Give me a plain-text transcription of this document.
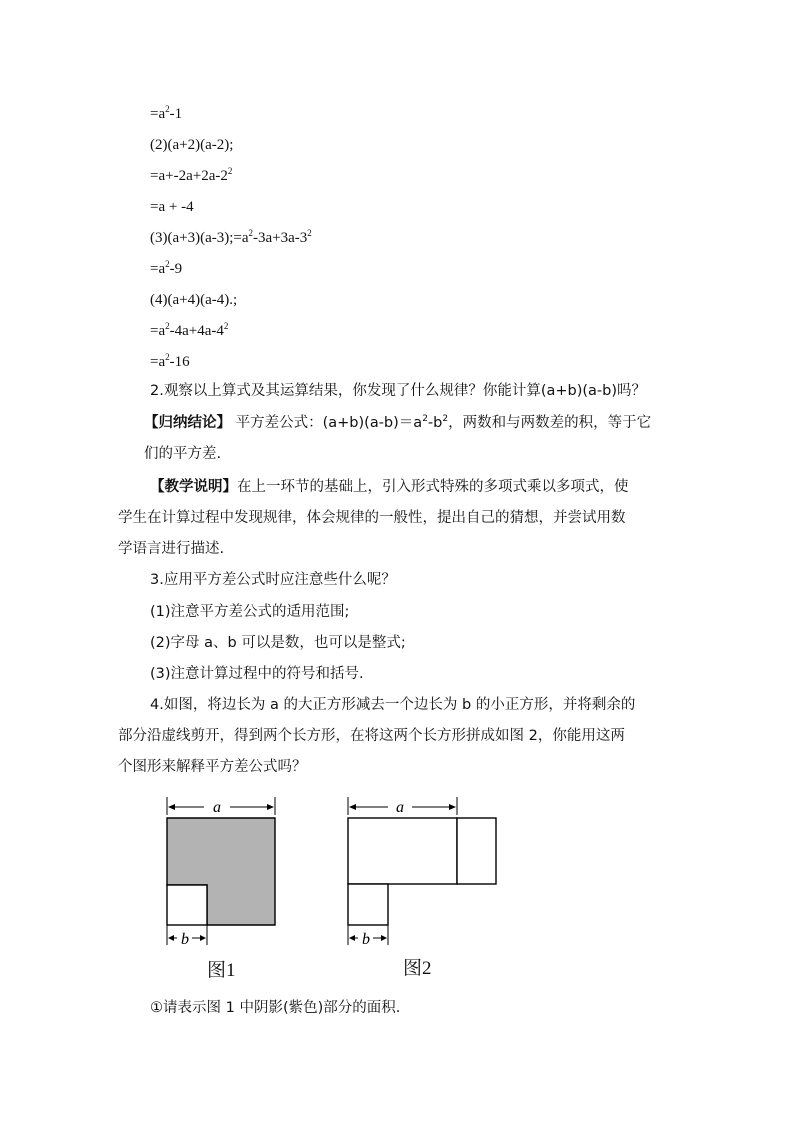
$=a^2-1$
(2)(a+2)(a-2);
$=a+-2a+2a-2^2$
=a + -4
$(3)(a+3)(a-3);=a^2-3a+3a-3^2$
$=a^2-9$
(4)(a+4)(a-4).;
$=a^2-4a+4a-4^2$
$=a^2-16$
2.观察以上算式及其运算结果，你发现了什么规律？你能计算(a+b)(a-b)吗？
【归纳结论】 平方差公式：$(a+b)(a-b)=a^2-b^2$，两数和与两数差的积，等于它
们的平方差.
【教学说明】在上一环节的基础上，引入形式特殊的多项式乘以多项式，使
学生在计算过程中发现规律，体会规律的一般性，提出自己的猜想，并尝试用数
学语言进行描述.
3.应用平方差公式时应注意些什么呢？
(1)注意平方差公式的适用范围;
(2)字母 a、b 可以是数，也可以是整式;
(3)注意计算过程中的符号和括号.
4.如图，将边长为 a 的大正方形减去一个边长为 b 的小正方形，并将剩余的
部分沿虚线剪开，得到两个长方形，在将这两个长方形拼成如图 2，你能用这两
个图形来解释平方差公式吗？
a
b
图1
a
b
图2
①请表示图 1 中阴影(紫色)部分的面积.
